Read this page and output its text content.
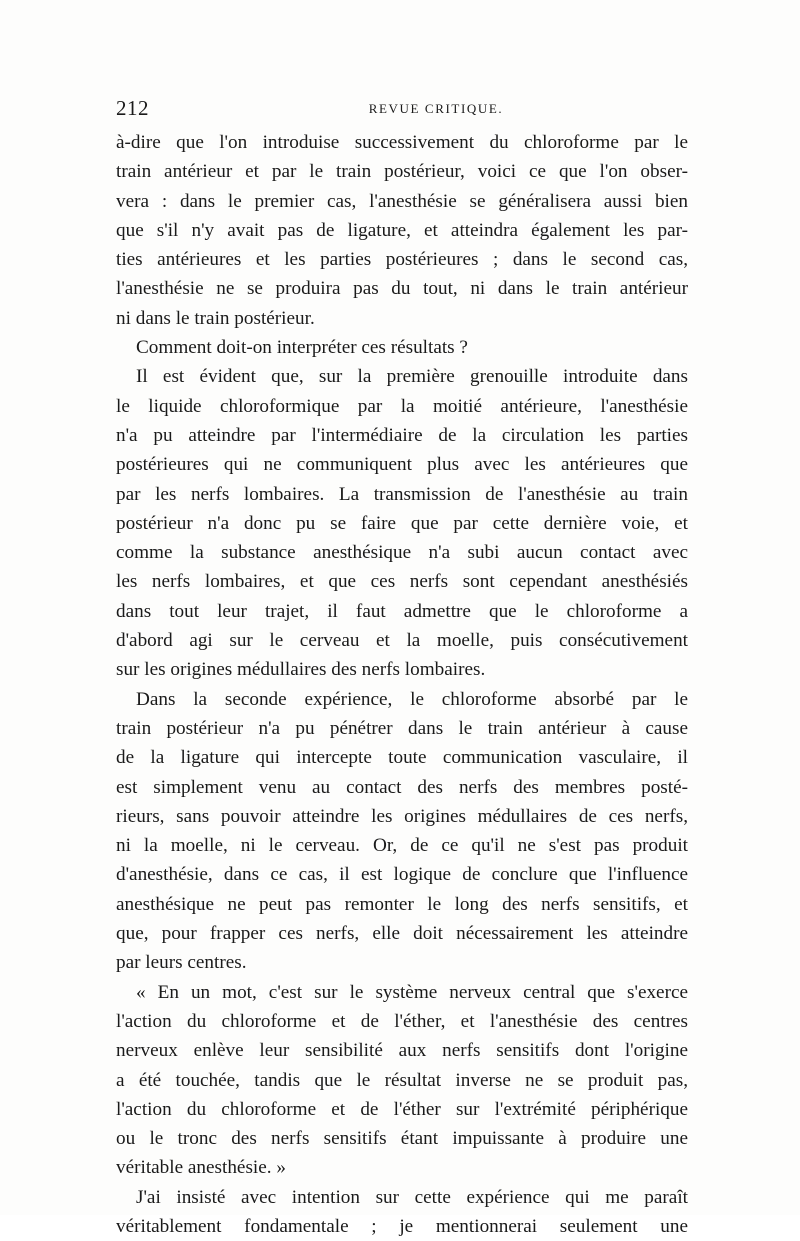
212	REVUE CRITIQUE.
à-dire que l'on introduise successivement du chloroforme par le
train antérieur et par le train postérieur, voici ce que l'on obser-
vera : dans le premier cas, l'anesthésie se généralisera aussi bien
que s'il n'y avait pas de ligature, et atteindra également les par-
ties antérieures et les parties postérieures ; dans le second cas,
l'anesthésie ne se produira pas du tout, ni dans le train antérieur
ni dans le train postérieur.
Comment doit-on interpréter ces résultats ?
Il est évident que, sur la première grenouille introduite dans
le liquide chloroformique par la moitié antérieure, l'anesthésie
n'a pu atteindre par l'intermédiaire de la circulation les parties
postérieures qui ne communiquent plus avec les antérieures que
par les nerfs lombaires. La transmission de l'anesthésie au train
postérieur n'a donc pu se faire que par cette dernière voie, et
comme la substance anesthésique n'a subi aucun contact avec
les nerfs lombaires, et que ces nerfs sont cependant anesthésiés
dans tout leur trajet, il faut admettre que le chloroforme a
d'abord agi sur le cerveau et la moelle, puis consécutivement
sur les origines médullaires des nerfs lombaires.
Dans la seconde expérience, le chloroforme absorbé par le
train postérieur n'a pu pénétrer dans le train antérieur à cause
de la ligature qui intercepte toute communication vasculaire, il
est simplement venu au contact des nerfs des membres posté-
rieurs, sans pouvoir atteindre les origines médullaires de ces nerfs,
ni la moelle, ni le cerveau. Or, de ce qu'il ne s'est pas produit
d'anesthésie, dans ce cas, il est logique de conclure que l'influence
anesthésique ne peut pas remonter le long des nerfs sensitifs, et
que, pour frapper ces nerfs, elle doit nécessairement les atteindre
par leurs centres.
« En un mot, c'est sur le système nerveux central que s'exerce
l'action du chloroforme et de l'éther, et l'anesthésie des centres
nerveux enlève leur sensibilité aux nerfs sensitifs dont l'origine
a été touchée, tandis que le résultat inverse ne se produit pas,
l'action du chloroforme et de l'éther sur l'extrémité périphérique
ou le tronc des nerfs sensitifs étant impuissante à produire une
véritable anesthésie. »
J'ai insisté avec intention sur cette expérience qui me paraît
véritablement fondamentale ; je mentionnerai seulement une
